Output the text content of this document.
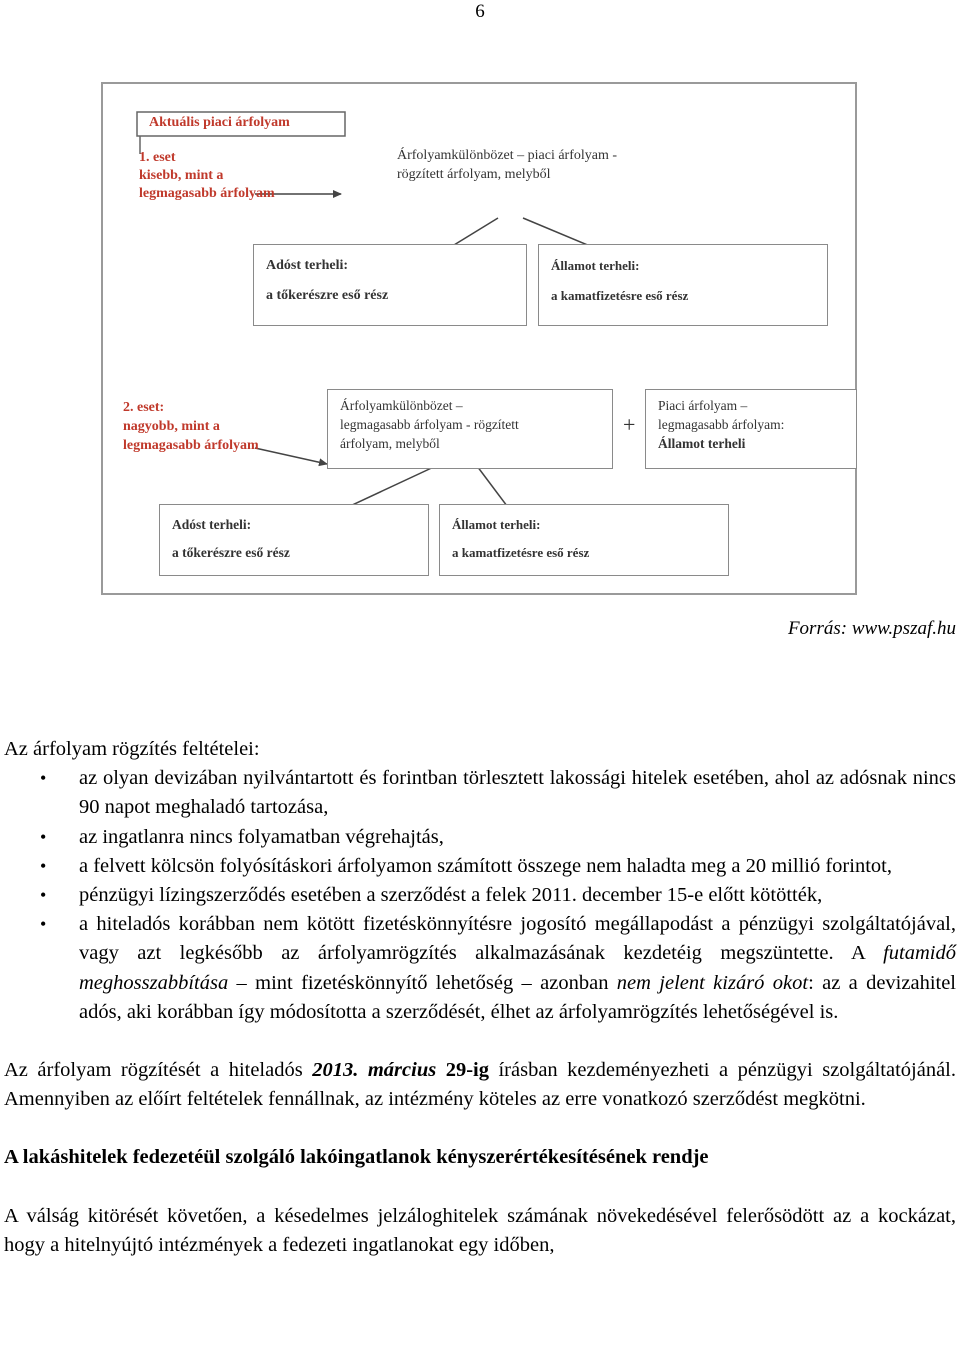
6
Aktuális piaci árfolyam
1. eset
kisebb, mint a
legmagasabb árfolyam
Árfolyamkülönbözet – piaci árfolyam -
rögzített árfolyam, melyből
Adóst terheli:
a tőkerészre eső rész
Államot terheli:
a kamatfizetésre eső rész
2. eset:
nagyobb, mint a
legmagasabb árfolyam
Árfolyamkülönbözet –
legmagasabb árfolyam - rögzített
árfolyam, melyből
+
Piaci árfolyam –
legmagasabb árfolyam:
Államot terheli
Adóst terheli:
a tőkerészre eső rész
Államot terheli:
a kamatfizetésre eső rész
Forrás: www.pszaf.hu

Az árfolyam rögzítés feltételei:

• az olyan devizában nyilvántartott és forintban törlesztett lakossági hitelek esetében, ahol az adósnak nincs 90 napot meghaladó tartozása,
• az ingatlanra nincs folyamatban végrehajtás,
• a felvett kölcsön folyósításkori árfolyamon számított összege nem haladta meg a 20 millió forintot,
• pénzügyi lízingszerződés esetében a szerződést a felek 2011. december 15-e előtt kötötték,
• a hiteladós korábban nem kötött fizetéskönnyítésre jogosító megállapodást a pénzügyi szolgáltatójával, vagy azt legkésőbb az árfolyamrögzítés alkalmazásának kezdetéig megszüntette. A futamidő meghosszabbítása – mint fizetéskönnyítő lehetőség – azonban nem jelent kizáró okot: az a devizahitel adós, aki korábban így módosította a szerződését, élhet az árfolyamrögzítés lehetőségével is.

Az árfolyam rögzítését a hiteladós 2013. március 29-ig írásban kezdeményezheti a pénzügyi szolgáltatójánál. Amennyiben az előírt feltételek fennállnak, az intézmény köteles az erre vonatkozó szerződést megkötni.

A lakáshitelek fedezetéül szolgáló lakóingatlanok kényszerértékesítésének rendje

A válság kitörését követően, a késedelmes jelzáloghitelek számának növekedésével felerősödött az a kockázat, hogy a hitelnyújtó intézmények a fedezeti ingatlanokat egy időben,
